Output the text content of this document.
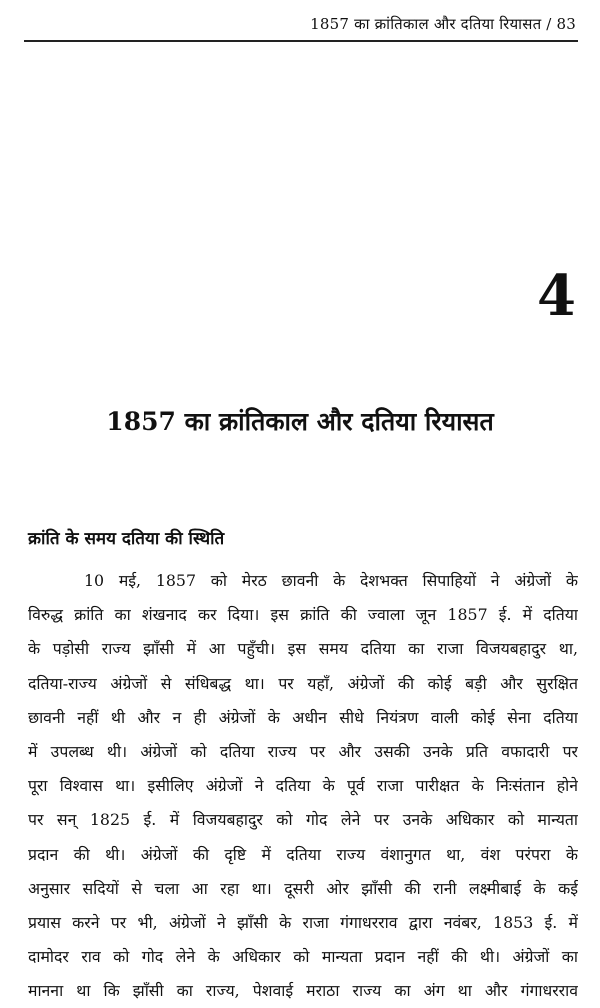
1857 का क्रांतिकाल और दतिया रियासत / 83
4
1857 का क्रांतिकाल और दतिया रियासत
क्रांति के समय दतिया की स्थिति
10 मई, 1857 को मेरठ छावनी के देशभक्त सिपाहियों ने अंग्रेजों के
विरुद्ध क्रांति का शंखनाद कर दिया। इस क्रांति की ज्वाला जून 1857 ई. में दतिया
के पड़ोसी राज्य झाँसी में आ पहुँची। इस समय दतिया का राजा विजयबहादुर था,
दतिया-राज्य अंग्रेजों से संधिबद्ध था। पर यहाँ, अंग्रेजों की कोई बड़ी और सुरक्षित
छावनी नहीं थी और न ही अंग्रेजों के अधीन सीधे नियंत्रण वाली कोई सेना दतिया
में उपलब्ध थी। अंग्रेजों को दतिया राज्य पर और उसकी उनके प्रति वफादारी पर
पूरा विश्वास था। इसीलिए अंग्रेजों ने दतिया के पूर्व राजा पारीक्षत के निःसंतान होने
पर सन् 1825 ई. में विजयबहादुर को गोद लेने पर उनके अधिकार को मान्यता
प्रदान की थी। अंग्रेजों की दृष्टि में दतिया राज्य वंशानुगत था, वंश परंपरा के
अनुसार सदियों से चला आ रहा था। दूसरी ओर झाँसी की रानी लक्ष्मीबाई के कई
प्रयास करने पर भी, अंग्रेजों ने झाँसी के राजा गंगाधरराव द्वारा नवंबर, 1853 ई. में
दामोदर राव को गोद लेने के अधिकार को मान्यता प्रदान नहीं की थी। अंग्रेजों का
मानना था कि झाँसी का राज्य, पेशवाई मराठा राज्य का अंग था और गंगाधरराव
